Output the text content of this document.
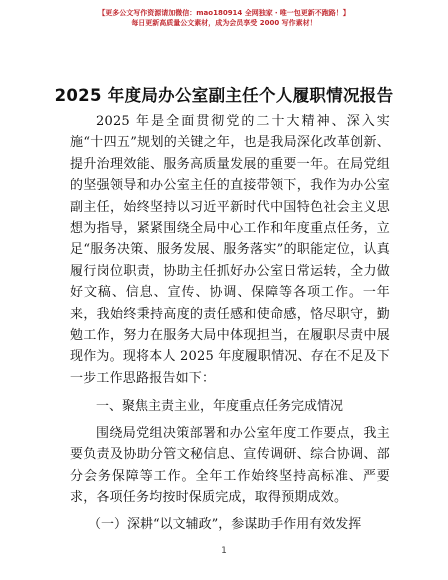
【更多公文写作资源请加微信：mao180914 全网独家・唯一包更新不跑路！】
每日更新高质量公文素材，成为会员享受 2000 写作素材！
2025 年度局办公室副主任个人履职情况报告

2025 年是全面贯彻党的二十大精神、深入实施“十四五”规划的关键之年，也是我局深化改革创新、提升治理效能、服务高质量发展的重要一年。在局党组的坚强领导和办公室主任的直接带领下，我作为办公室副主任，始终坚持以习近平新时代中国特色社会主义思想为指导，紧紧围绕全局中心工作和年度重点任务，立足“服务决策、服务发展、服务落实”的职能定位，认真履行岗位职责，协助主任抓好办公室日常运转，全力做好文稿、信息、宣传、协调、保障等各项工作。一年来，我始终秉持高度的责任感和使命感，恪尽职守，勤勉工作，努力在服务大局中体现担当，在履职尽责中展现作为。现将本人 2025 年度履职情况、存在不足及下一步工作思路报告如下：

一、聚焦主责主业，年度重点任务完成情况

围绕局党组决策部署和办公室年度工作要点，我主要负责及协助分管文秘信息、宣传调研、综合协调、部分会务保障等工作。全年工作始终坚持高标准、严要求，各项任务均按时保质完成，取得预期成效。

（一）深耕“以文辅政”，参谋助手作用有效发挥

1
